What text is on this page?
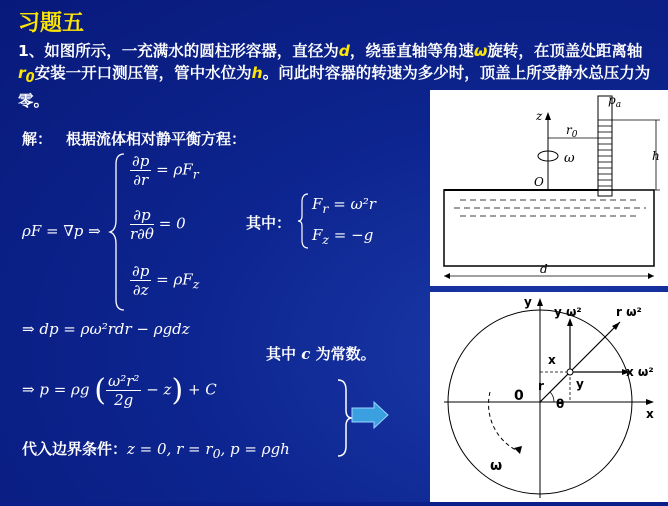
习题五
1、如图所示，一充满水的圆柱形容器，直径为d，绕垂直轴等角速ω旋转，在顶盖处距离轴$r_0$安装一开口测压管，管中水位为h。问此时容器的转速为多少时，顶盖上所受静水总压力为零。
解： 根据流体相对静平衡方程：
ρF = ∇p ⇒
$\frac{\partial p}{\partial r} = \rho F_r$
$\frac{\partial p}{r\partial\theta} = 0$
$\frac{\partial p}{\partial z} = \rho F_z$
其中：
$F_r = \omega^2r$
$F_z = -g$
⇒ dp = ρω²rdr − ρgdz
其中 c 为常数。
⇒ p = ρg ( $\frac{\text{ω²r²}}{2g} - z) + C$
代入边界条件：z = 0, $r = r_0$, p = ρgh
$p_a$
z
$r_0$
ω
O
h
d
y
y ω²	r ω²
x ω²
x
y
r
θ
0
x
ω
